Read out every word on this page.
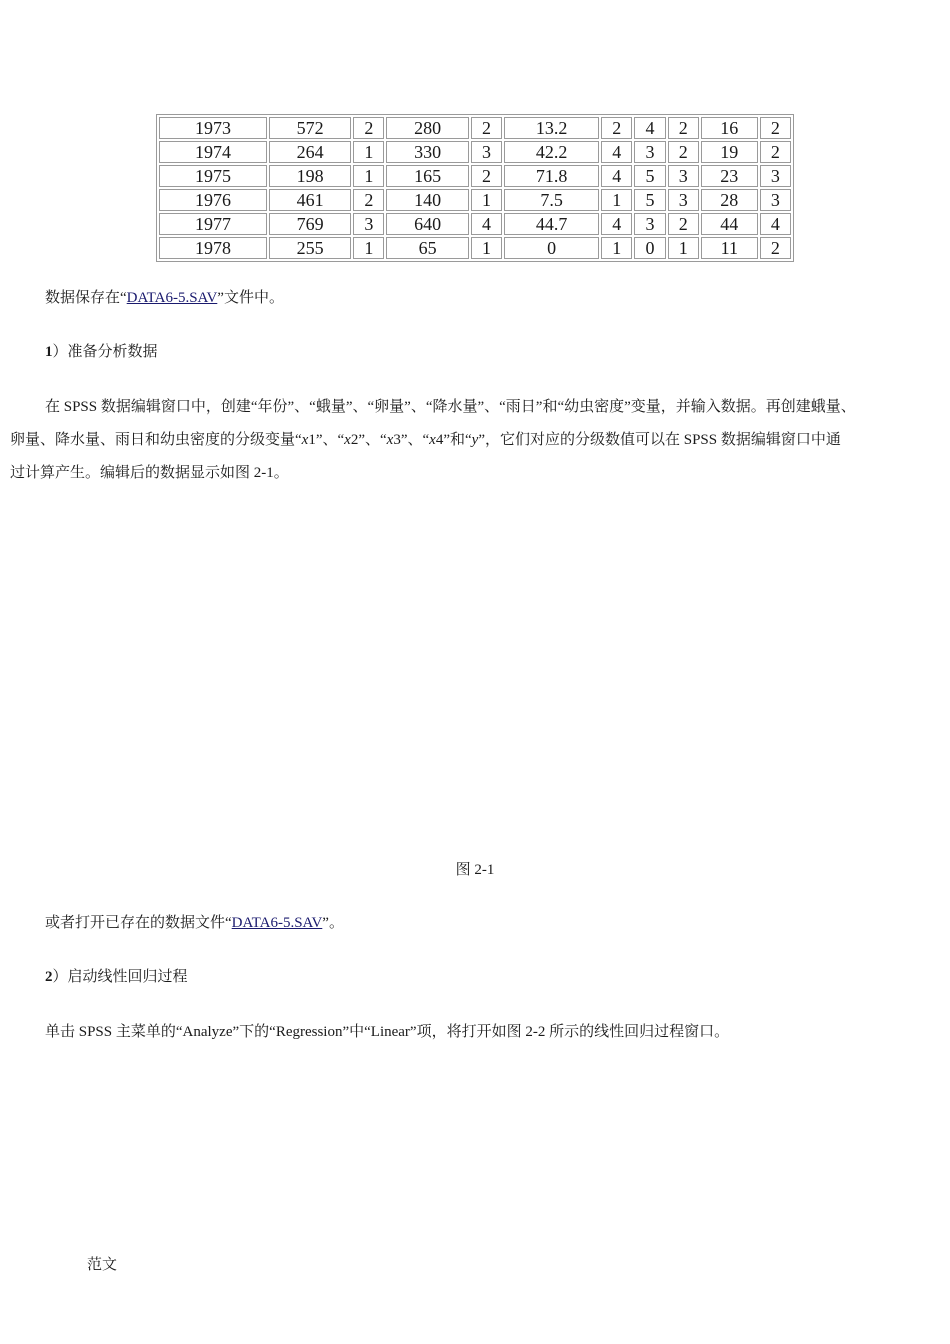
1973	572	2	280	2	13.2	2	4	2	16	2
1974	264	1	330	3	42.2	4	3	2	19	2
1975	198	1	165	2	71.8	4	5	3	23	3
1976	461	2	140	1	7.5	1	5	3	28	3
1977	769	3	640	4	44.7	4	3	2	44	4
1978	255	1	65	1	0	1	0	1	11	2

数据保存在“DATA6-5.SAV”文件中。

1）准备分析数据

在 SPSS 数据编辑窗口中，创建“年份”、“蛾量”、“卵量”、“降水量”、“雨日”和“幼虫密度”变量，并输入数据。再创建蛾量、

卵量、降水量、雨日和幼虫密度的分级变量“x1”、“x2”、“x3”、“x4”和“y”，它们对应的分级数值可以在 SPSS 数据编辑窗口中通

过计算产生。编辑后的数据显示如图 2-1。

图 2-1

或者打开已存在的数据文件“DATA6-5.SAV”。

2）启动线性回归过程

单击 SPSS 主菜单的“Analyze”下的“Regression”中“Linear”项，将打开如图 2-2 所示的线性回归过程窗口。

范文
